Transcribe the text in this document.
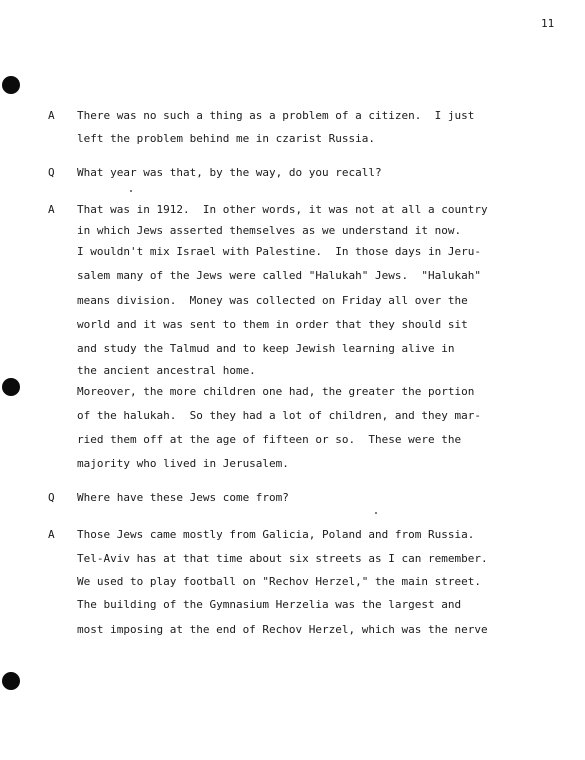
11
A There was no such a thing as a problem of a citizen.  I just
left the problem behind me in czarist Russia.
Q What year was that, by the way, do you recall?
A That was in 1912.  In other words, it was not at all a country
in which Jews asserted themselves as we understand it now.
I wouldn't mix Israel with Palestine.  In those days in Jeru-
salem many of the Jews were called "Halukah" Jews.  "Halukah"
means division.  Money was collected on Friday all over the
world and it was sent to them in order that they should sit
and study the Talmud and to keep Jewish learning alive in
the ancient ancestral home.
Moreover, the more children one had, the greater the portion
of the halukah.  So they had a lot of children, and they mar-
ried them off at the age of fifteen or so.  These were the
majority who lived in Jerusalem.
Q Where have these Jews come from?
A Those Jews came mostly from Galicia, Poland and from Russia.
Tel-Aviv has at that time about six streets as I can remember.
We used to play football on "Rechov Herzel," the main street.
The building of the Gymnasium Herzelia was the largest and
most imposing at the end of Rechov Herzel, which was the nerve
